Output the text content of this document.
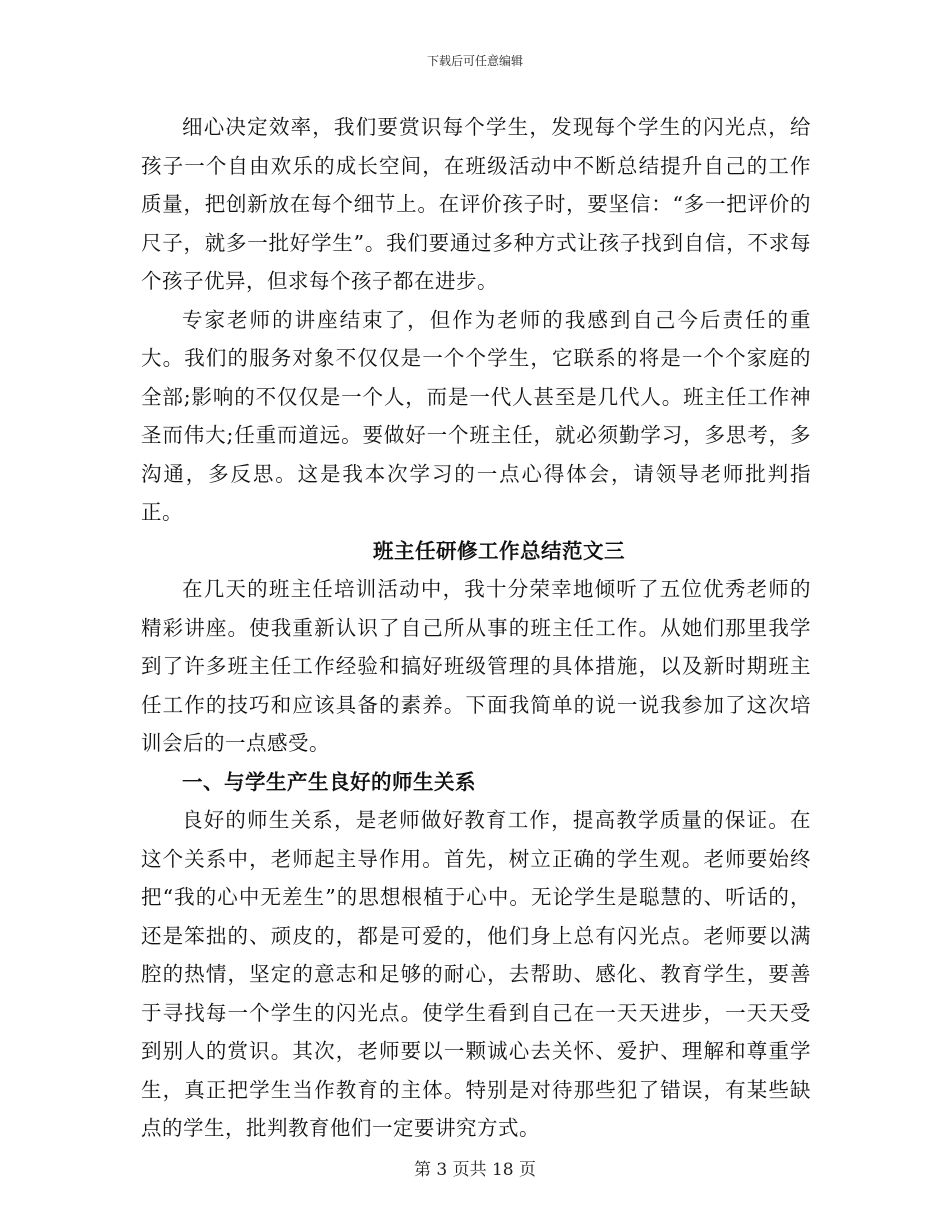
下载后可任意编辑

细心决定效率，我们要赏识每个学生，发现每个学生的闪光点，给孩子一个自由欢乐的成长空间，在班级活动中不断总结提升自己的工作质量，把创新放在每个细节上。在评价孩子时，要坚信：“多一把评价的尺子，就多一批好学生”。我们要通过多种方式让孩子找到自信，不求每个孩子优异，但求每个孩子都在进步。

专家老师的讲座结束了，但作为老师的我感到自己今后责任的重大。我们的服务对象不仅仅是一个个学生，它联系的将是一个个家庭的全部;影响的不仅仅是一个人，而是一代人甚至是几代人。班主任工作神圣而伟大;任重而道远。要做好一个班主任，就必须勤学习，多思考，多沟通，多反思。这是我本次学习的一点心得体会，请领导老师批判指正。

班主任研修工作总结范文三

在几天的班主任培训活动中，我十分荣幸地倾听了五位优秀老师的精彩讲座。使我重新认识了自己所从事的班主任工作。从她们那里我学到了许多班主任工作经验和搞好班级管理的具体措施，以及新时期班主任工作的技巧和应该具备的素养。下面我简单的说一说我参加了这次培训会后的一点感受。

一、与学生产生良好的师生关系

良好的师生关系，是老师做好教育工作，提高教学质量的保证。在这个关系中，老师起主导作用。首先，树立正确的学生观。老师要始终把“我的心中无差生”的思想根植于心中。无论学生是聪慧的、听话的，还是笨拙的、顽皮的，都是可爱的，他们身上总有闪光点。老师要以满腔的热情，坚定的意志和足够的耐心，去帮助、感化、教育学生，要善于寻找每一个学生的闪光点。使学生看到自己在一天天进步，一天天受到别人的赏识。其次，老师要以一颗诚心去关怀、爱护、理解和尊重学生，真正把学生当作教育的主体。特别是对待那些犯了错误，有某些缺点的学生，批判教育他们一定要讲究方式。

第 3 页共 18 页
